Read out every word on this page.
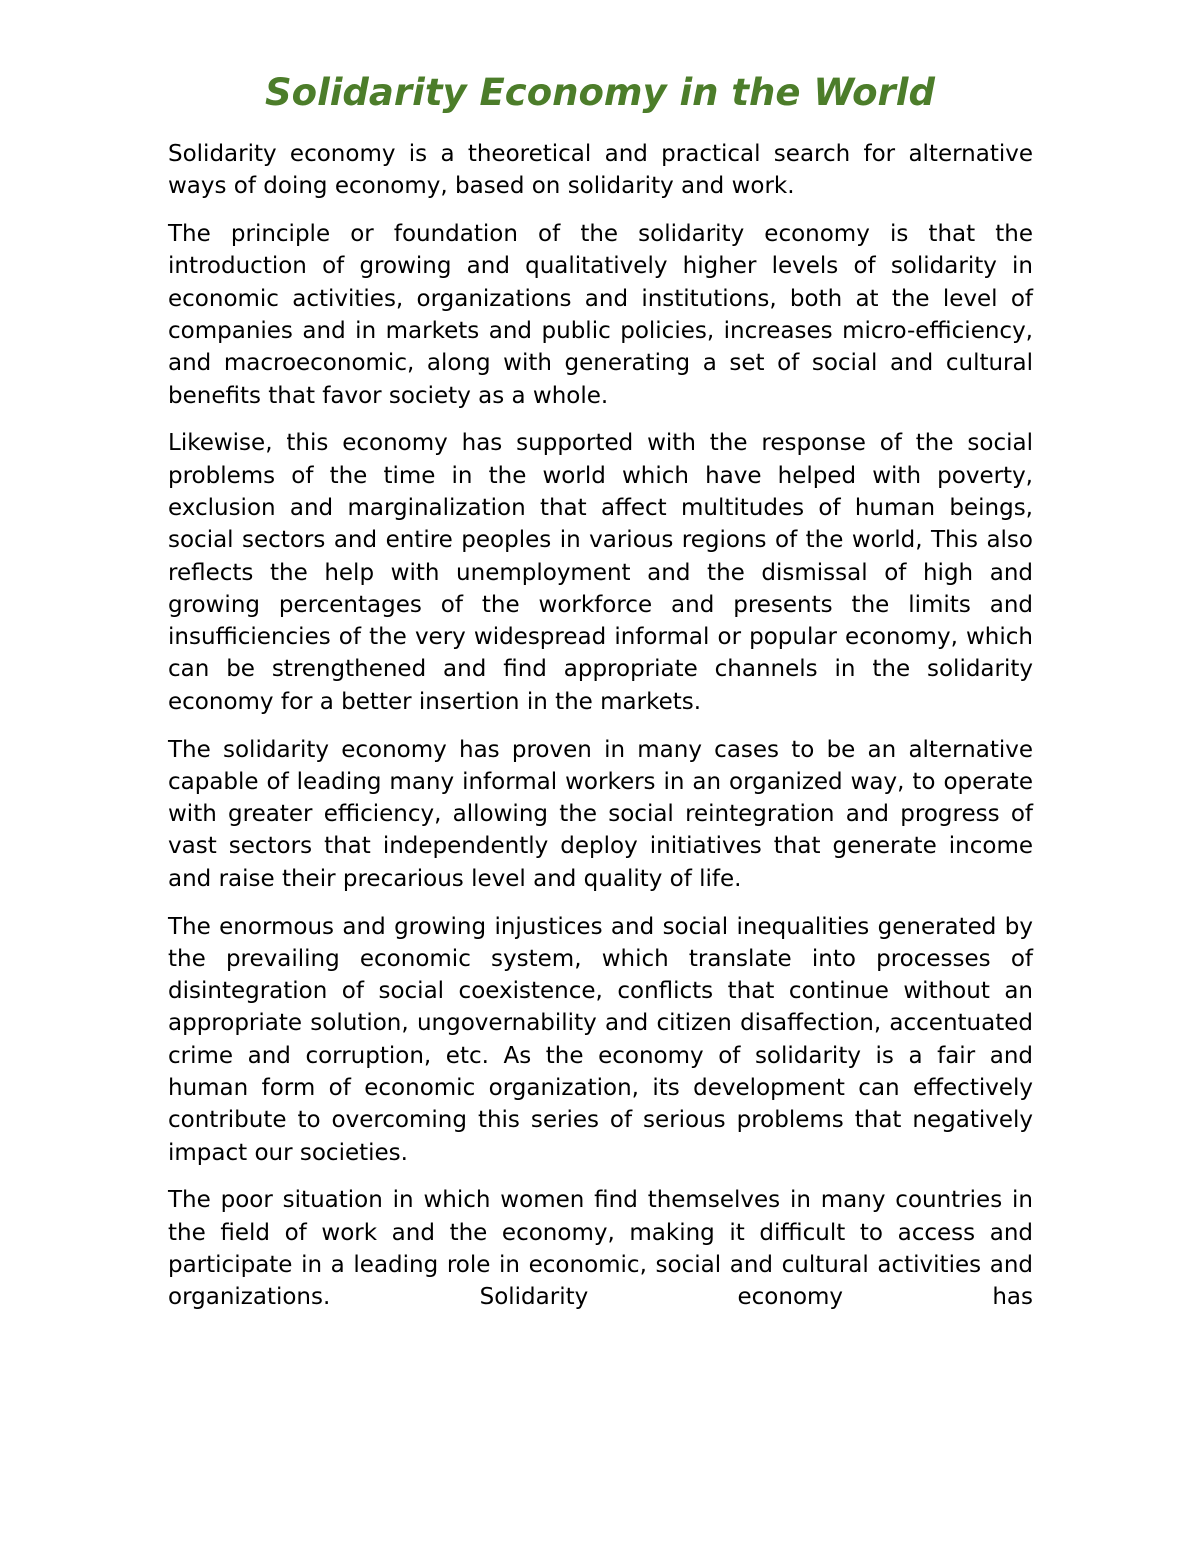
Solidarity Economy in the World

Solidarity economy is a theoretical and practical search for alternative ways of doing economy, based on solidarity and work.

The principle or foundation of the solidarity economy is that the introduction of growing and qualitatively higher levels of solidarity in economic activities, organizations and institutions, both at the level of companies and in markets and public policies, increases micro-efficiency, and macroeconomic, along with generating a set of social and cultural benefits that favor society as a whole.

Likewise, this economy has supported with the response of the social problems of the time in the world which have helped with poverty, exclusion and marginalization that affect multitudes of human beings, social sectors and entire peoples in various regions of the world, This also reflects the help with unemployment and the dismissal of high and growing percentages of the workforce and presents the limits and insufficiencies of the very widespread informal or popular economy, which can be strengthened and find appropriate channels in the solidarity economy for a better insertion in the markets.

The solidarity economy has proven in many cases to be an alternative capable of leading many informal workers in an organized way, to operate with greater efficiency, allowing the social reintegration and progress of vast sectors that independently deploy initiatives that generate income and raise their precarious level and quality of life.

The enormous and growing injustices and social inequalities generated by the prevailing economic system, which translate into processes of disintegration of social coexistence, conflicts that continue without an appropriate solution, ungovernability and citizen disaffection, accentuated crime and corruption, etc. As the economy of solidarity is a fair and human form of economic organization, its development can effectively contribute to overcoming this series of serious problems that negatively impact our societies.

The poor situation in which women find themselves in many countries in the field of work and the economy, making it difficult to access and participate in a leading role in economic, social and cultural activities and organizations. Solidarity economy has
